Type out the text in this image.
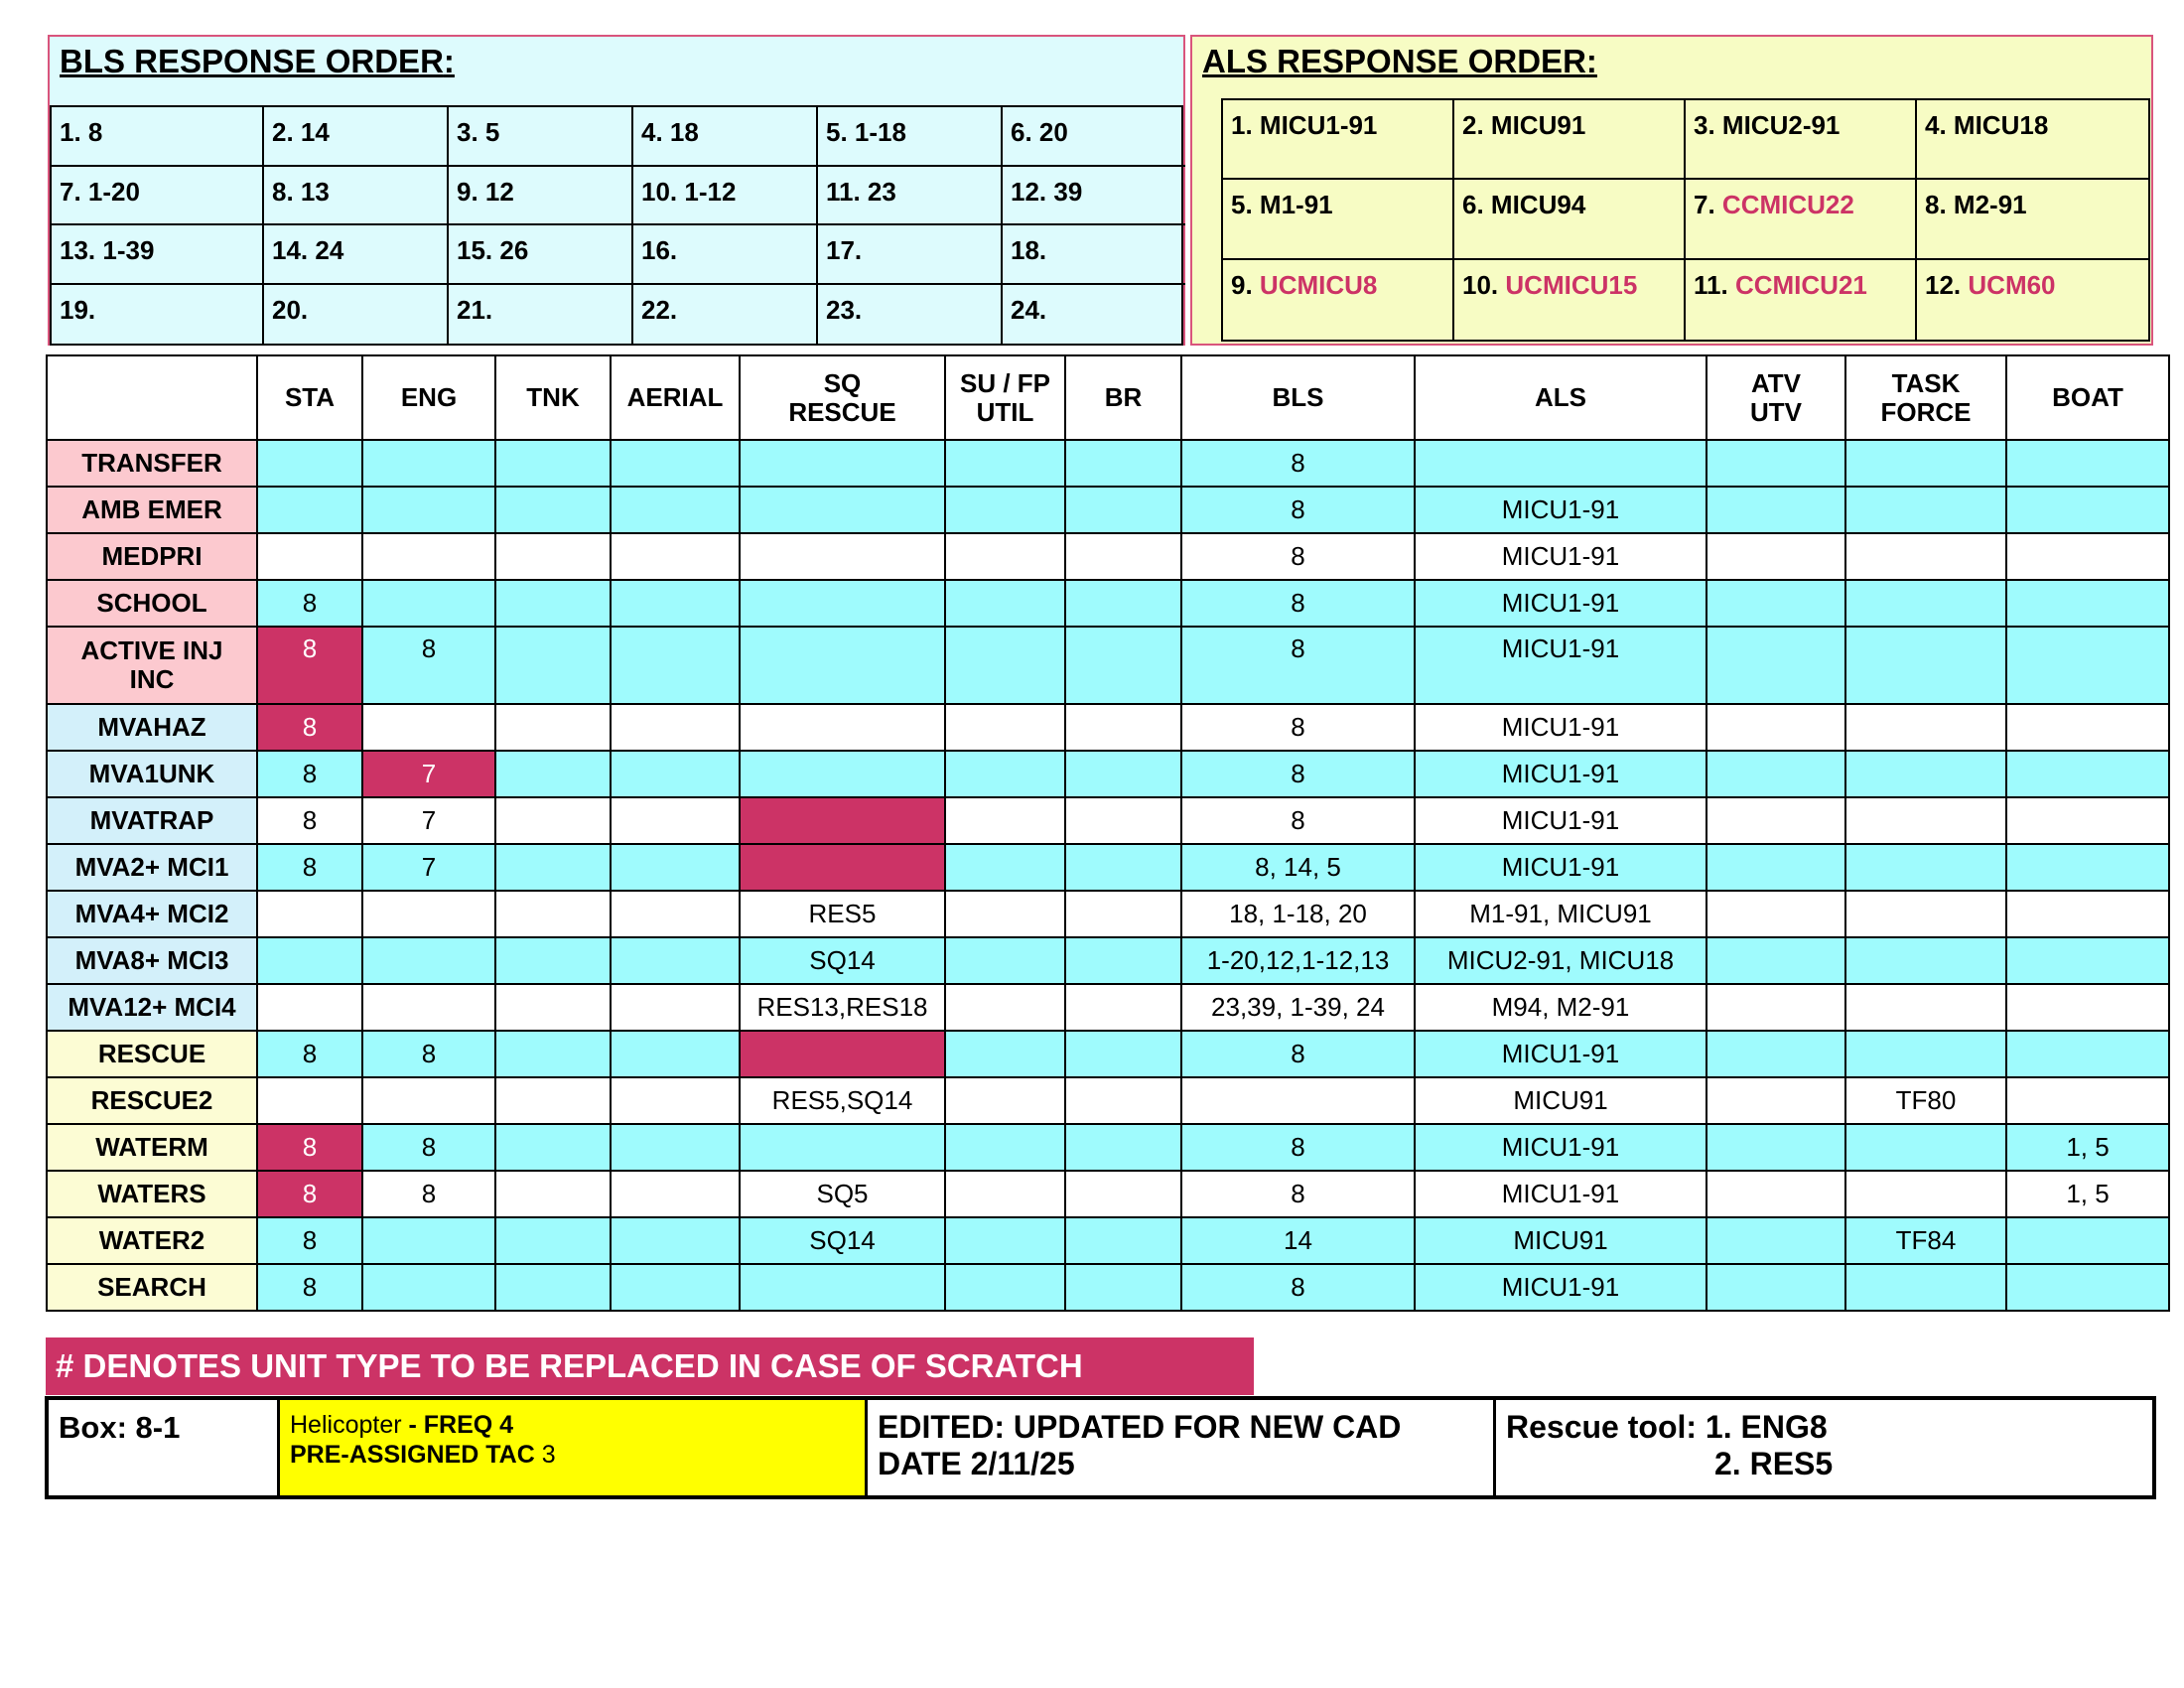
BLS RESPONSE ORDER:
1. 8	2. 14	3. 5	4. 18	5. 1-18	6. 20
7. 1-20	8. 13	9. 12	10. 1-12	11. 23	12. 39
13. 1-39	14. 24	15. 26	16.	17.	18.
19.	20.	21.	22.	23.	24.
ALS RESPONSE ORDER:
1. MICU1-91	2. MICU91	3. MICU2-91	4. MICU18
5. M1-91	6. MICU94	7. CCMICU22	8. M2-91
9. UCMICU8	10. UCMICU15	11. CCMICU21	12. UCM60
	STA	ENG	TNK	AERIAL	SQ
RESCUE	SU / FP
UTIL	BR	BLS	ALS	ATV
UTV	TASK
FORCE	BOAT
TRANSFER								8				
AMB EMER								8	MICU1-91			
MEDPRI								8	MICU1-91			
SCHOOL	8							8	MICU1-91			
ACTIVE INJ
INC	8	8						8	MICU1-91			
MVAHAZ	8							8	MICU1-91			
MVA1UNK	8	7						8	MICU1-91			
MVATRAP	8	7						8	MICU1-91			
MVA2+ MCI1	8	7						8, 14, 5	MICU1-91			
MVA4+ MCI2					RES5			18, 1-18, 20	M1-91, MICU91			
MVA8+ MCI3					SQ14			1-20,12,1-12,13	MICU2-91, MICU18			
MVA12+ MCI4					RES13,RES18			23,39, 1-39, 24	M94, M2-91			
RESCUE	8	8						8	MICU1-91			
RESCUE2					RES5,SQ14				MICU91		TF80	
WATERM	8	8						8	MICU1-91			1, 5
WATERS	8	8			SQ5			8	MICU1-91			1, 5
WATER2	8				SQ14			14	MICU91		TF84	
SEARCH	8							8	MICU1-91			
# DENOTES UNIT TYPE TO BE REPLACED IN CASE OF SCRATCH
Box: 8-1	Helicopter - FREQ 4
PRE-ASSIGNED TAC 3
EDITED: UPDATED FOR NEW CAD
DATE 2/11/25
Rescue tool: 1. ENG8
2. RES5
